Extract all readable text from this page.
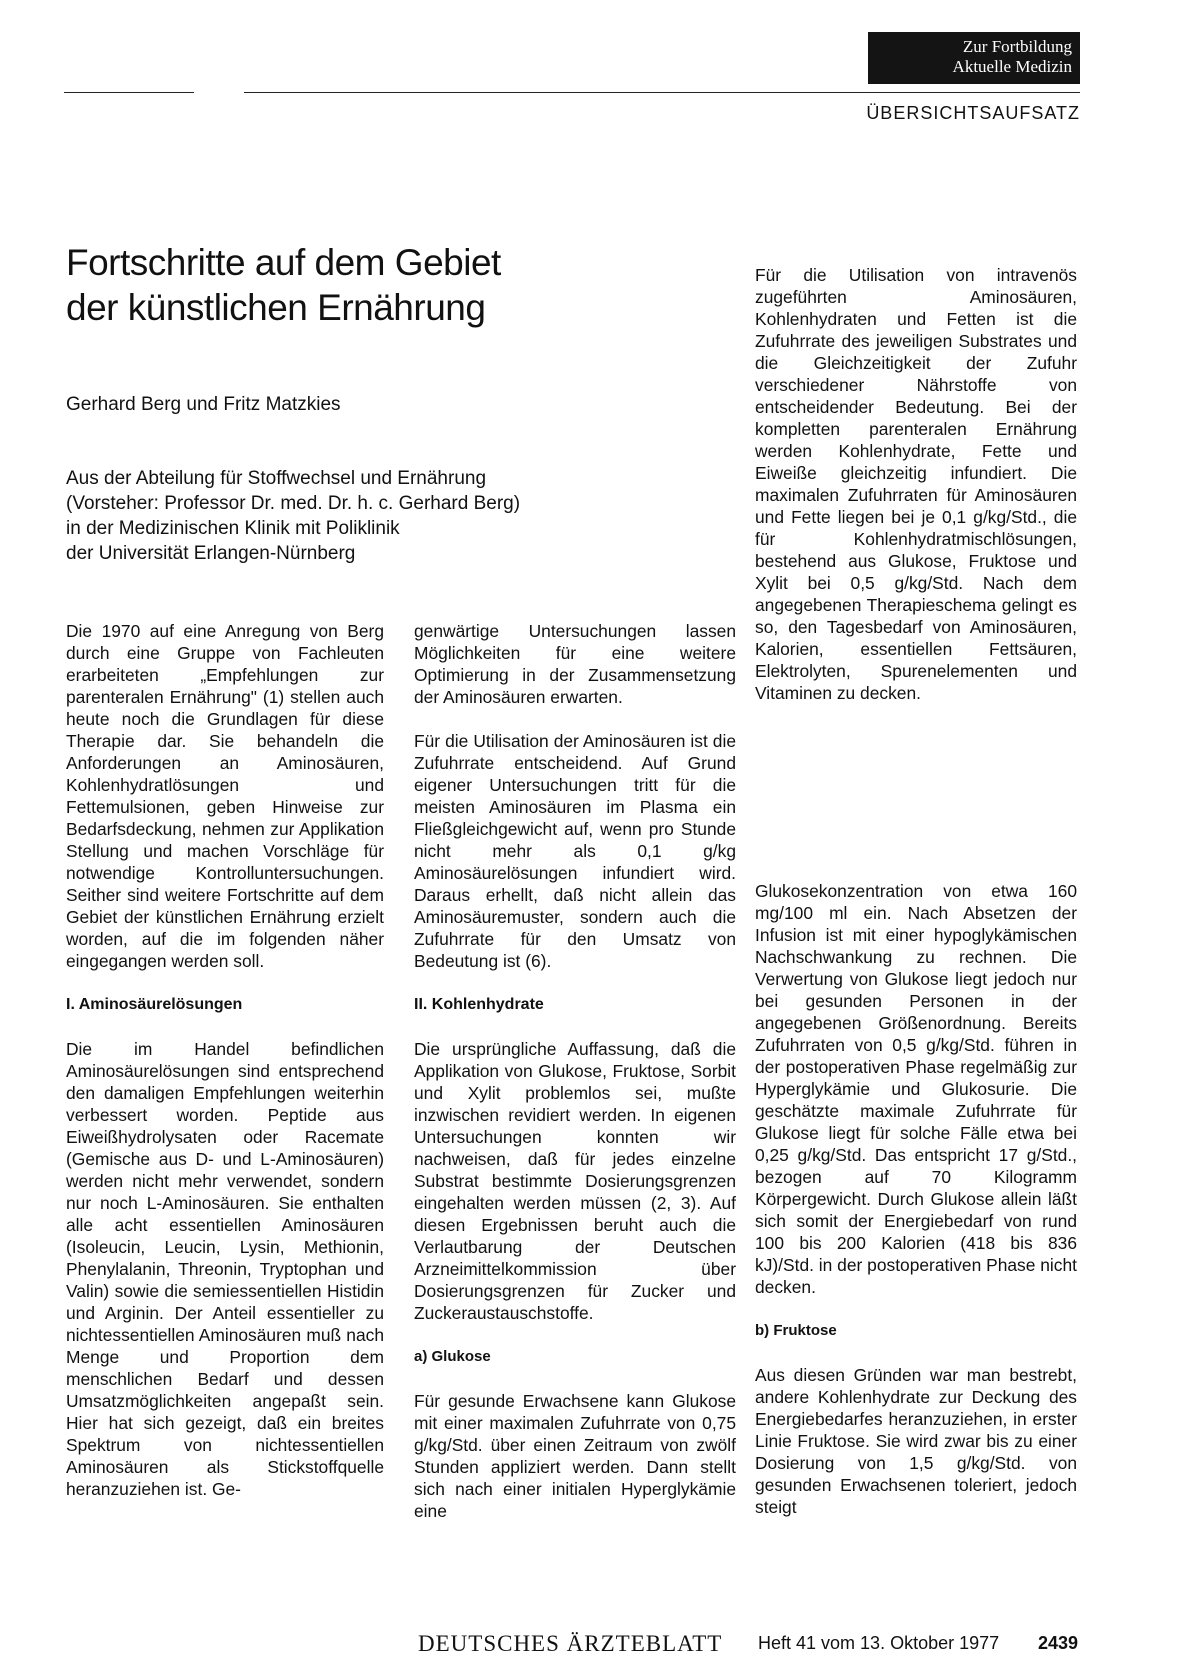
Zur Fortbildung
Aktuelle Medizin
ÜBERSICHTSAUFSATZ
Fortschritte auf dem Gebiet
der künstlichen Ernährung
Gerhard Berg und Fritz Matzkies
Aus der Abteilung für Stoffwechsel und Ernährung
(Vorsteher: Professor Dr. med. Dr. h. c. Gerhard Berg)
in der Medizinischen Klinik mit Poliklinik
der Universität Erlangen-Nürnberg

Für die Utilisation von intravenös zugeführten Aminosäuren, Kohlenhydraten und Fetten ist die Zufuhrrate des jeweiligen Substrates und die Gleichzeitigkeit der Zufuhr verschiedener Nährstoffe von entscheidender Bedeutung. Bei der kompletten parenteralen Ernährung werden Kohlenhydrate, Fette und Eiweiße gleichzeitig infundiert. Die maximalen Zufuhrraten für Aminosäuren und Fette liegen bei je 0,1 g/kg/Std., die für Kohlenhydratmischlösungen, bestehend aus Glukose, Fruktose und Xylit bei 0,5 g/kg/Std. Nach dem angegebenen Therapieschema gelingt es so, den Tagesbedarf von Aminosäuren, Kalorien, essentiellen Fettsäuren, Elektrolyten, Spurenelementen und Vitaminen zu decken.

Die 1970 auf eine Anregung von Berg durch eine Gruppe von Fachleuten erarbeiteten „Empfehlungen zur parenteralen Ernährung" (1) stellen auch heute noch die Grundlagen für diese Therapie dar. Sie behandeln die Anforderungen an Aminosäuren, Kohlenhydratlösungen und Fettemulsionen, geben Hinweise zur Bedarfsdeckung, nehmen zur Applikation Stellung und machen Vorschläge für notwendige Kontrolluntersuchungen. Seither sind weitere Fortschritte auf dem Gebiet der künstlichen Ernährung erzielt worden, auf die im folgenden näher eingegangen werden soll.

I. Aminosäurelösungen

Die im Handel befindlichen Aminosäurelösungen sind entsprechend den damaligen Empfehlungen weiterhin verbessert worden. Peptide aus Eiweißhydrolysaten oder Racemate (Gemische aus D- und L-Aminosäuren) werden nicht mehr verwendet, sondern nur noch L-Aminosäuren. Sie enthalten alle acht essentiellen Aminosäuren (Isoleucin, Leucin, Lysin, Methionin, Phenylalanin, Threonin, Tryptophan und Valin) sowie die semiessentiellen Histidin und Arginin. Der Anteil essentieller zu nichtessentiellen Aminosäuren muß nach Menge und Proportion dem menschlichen Bedarf und dessen Umsatzmöglichkeiten angepaßt sein. Hier hat sich gezeigt, daß ein breites Spektrum von nichtessentiellen Aminosäuren als Stickstoffquelle heranzuziehen ist. Ge-

genwärtige Untersuchungen lassen Möglichkeiten für eine weitere Optimierung in der Zusammensetzung der Aminosäuren erwarten.

Für die Utilisation der Aminosäuren ist die Zufuhrrate entscheidend. Auf Grund eigener Untersuchungen tritt für die meisten Aminosäuren im Plasma ein Fließgleichgewicht auf, wenn pro Stunde nicht mehr als 0,1 g/kg Aminosäurelösungen infundiert wird. Daraus erhellt, daß nicht allein das Aminosäuremuster, sondern auch die Zufuhrrate für den Umsatz von Bedeutung ist (6).

II. Kohlenhydrate

Die ursprüngliche Auffassung, daß die Applikation von Glukose, Fruktose, Sorbit und Xylit problemlos sei, mußte inzwischen revidiert werden. In eigenen Untersuchungen konnten wir nachweisen, daß für jedes einzelne Substrat bestimmte Dosierungsgrenzen eingehalten werden müssen (2, 3). Auf diesen Ergebnissen beruht auch die Verlautbarung der Deutschen Arzneimittelkommission über Dosierungsgrenzen für Zucker und Zuckeraustauschstoffe.

a) Glukose

Für gesunde Erwachsene kann Glukose mit einer maximalen Zufuhrrate von 0,75 g/kg/Std. über einen Zeitraum von zwölf Stunden appliziert werden. Dann stellt sich nach einer initialen Hyperglykämie eine

Glukosekonzentration von etwa 160 mg/100 ml ein. Nach Absetzen der Infusion ist mit einer hypoglykämischen Nachschwankung zu rechnen. Die Verwertung von Glukose liegt jedoch nur bei gesunden Personen in der angegebenen Größenordnung. Bereits Zufuhrraten von 0,5 g/kg/Std. führen in der postoperativen Phase regelmäßig zur Hyperglykämie und Glukosurie. Die geschätzte maximale Zufuhrrate für Glukose liegt für solche Fälle etwa bei 0,25 g/kg/Std. Das entspricht 17 g/Std., bezogen auf 70 Kilogramm Körpergewicht. Durch Glukose allein läßt sich somit der Energiebedarf von rund 100 bis 200 Kalorien (418 bis 836 kJ)/Std. in der postoperativen Phase nicht decken.

b) Fruktose

Aus diesen Gründen war man bestrebt, andere Kohlenhydrate zur Deckung des Energiebedarfes heranzuziehen, in erster Linie Fruktose. Sie wird zwar bis zu einer Dosierung von 1,5 g/kg/Std. von gesunden Erwachsenen toleriert, jedoch steigt

DEUTSCHES ÄRZTEBLATT Heft 41 vom 13. Oktober 1977 2439
